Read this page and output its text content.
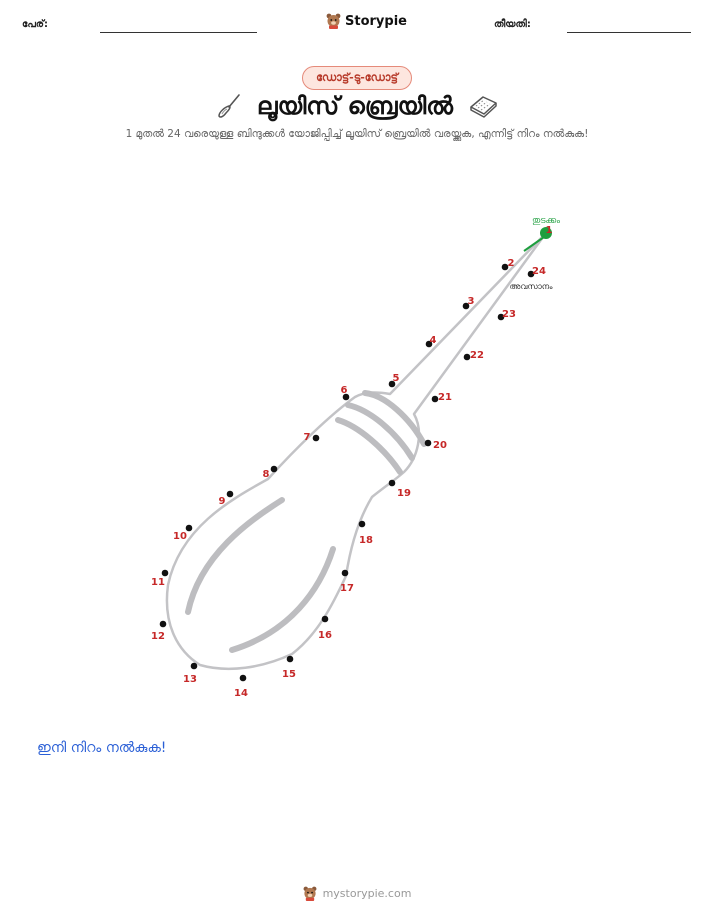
പേര്:	Storypie	തീയതി:
ഡോട്ട്-ടു-ഡോട്ട്
ലൂയിസ് ബ്രെയിൽ
1 മുതൽ 24 വരെയുള്ള ബിന്ദുക്കൾ യോജിപ്പിച്ച് ലൂയിസ് ബ്രെയിൽ വരയ്ക്കുക, എന്നിട്ട് നിറം നൽകുക!
തുടക്കം
അവസാനം
1
2
3
4
5
6
7
8
9
10
11
12
13
14
15
16
17
18
19
20
21
22
23
24
ഇനി നിറം നൽകുക!
mystorypie.com
